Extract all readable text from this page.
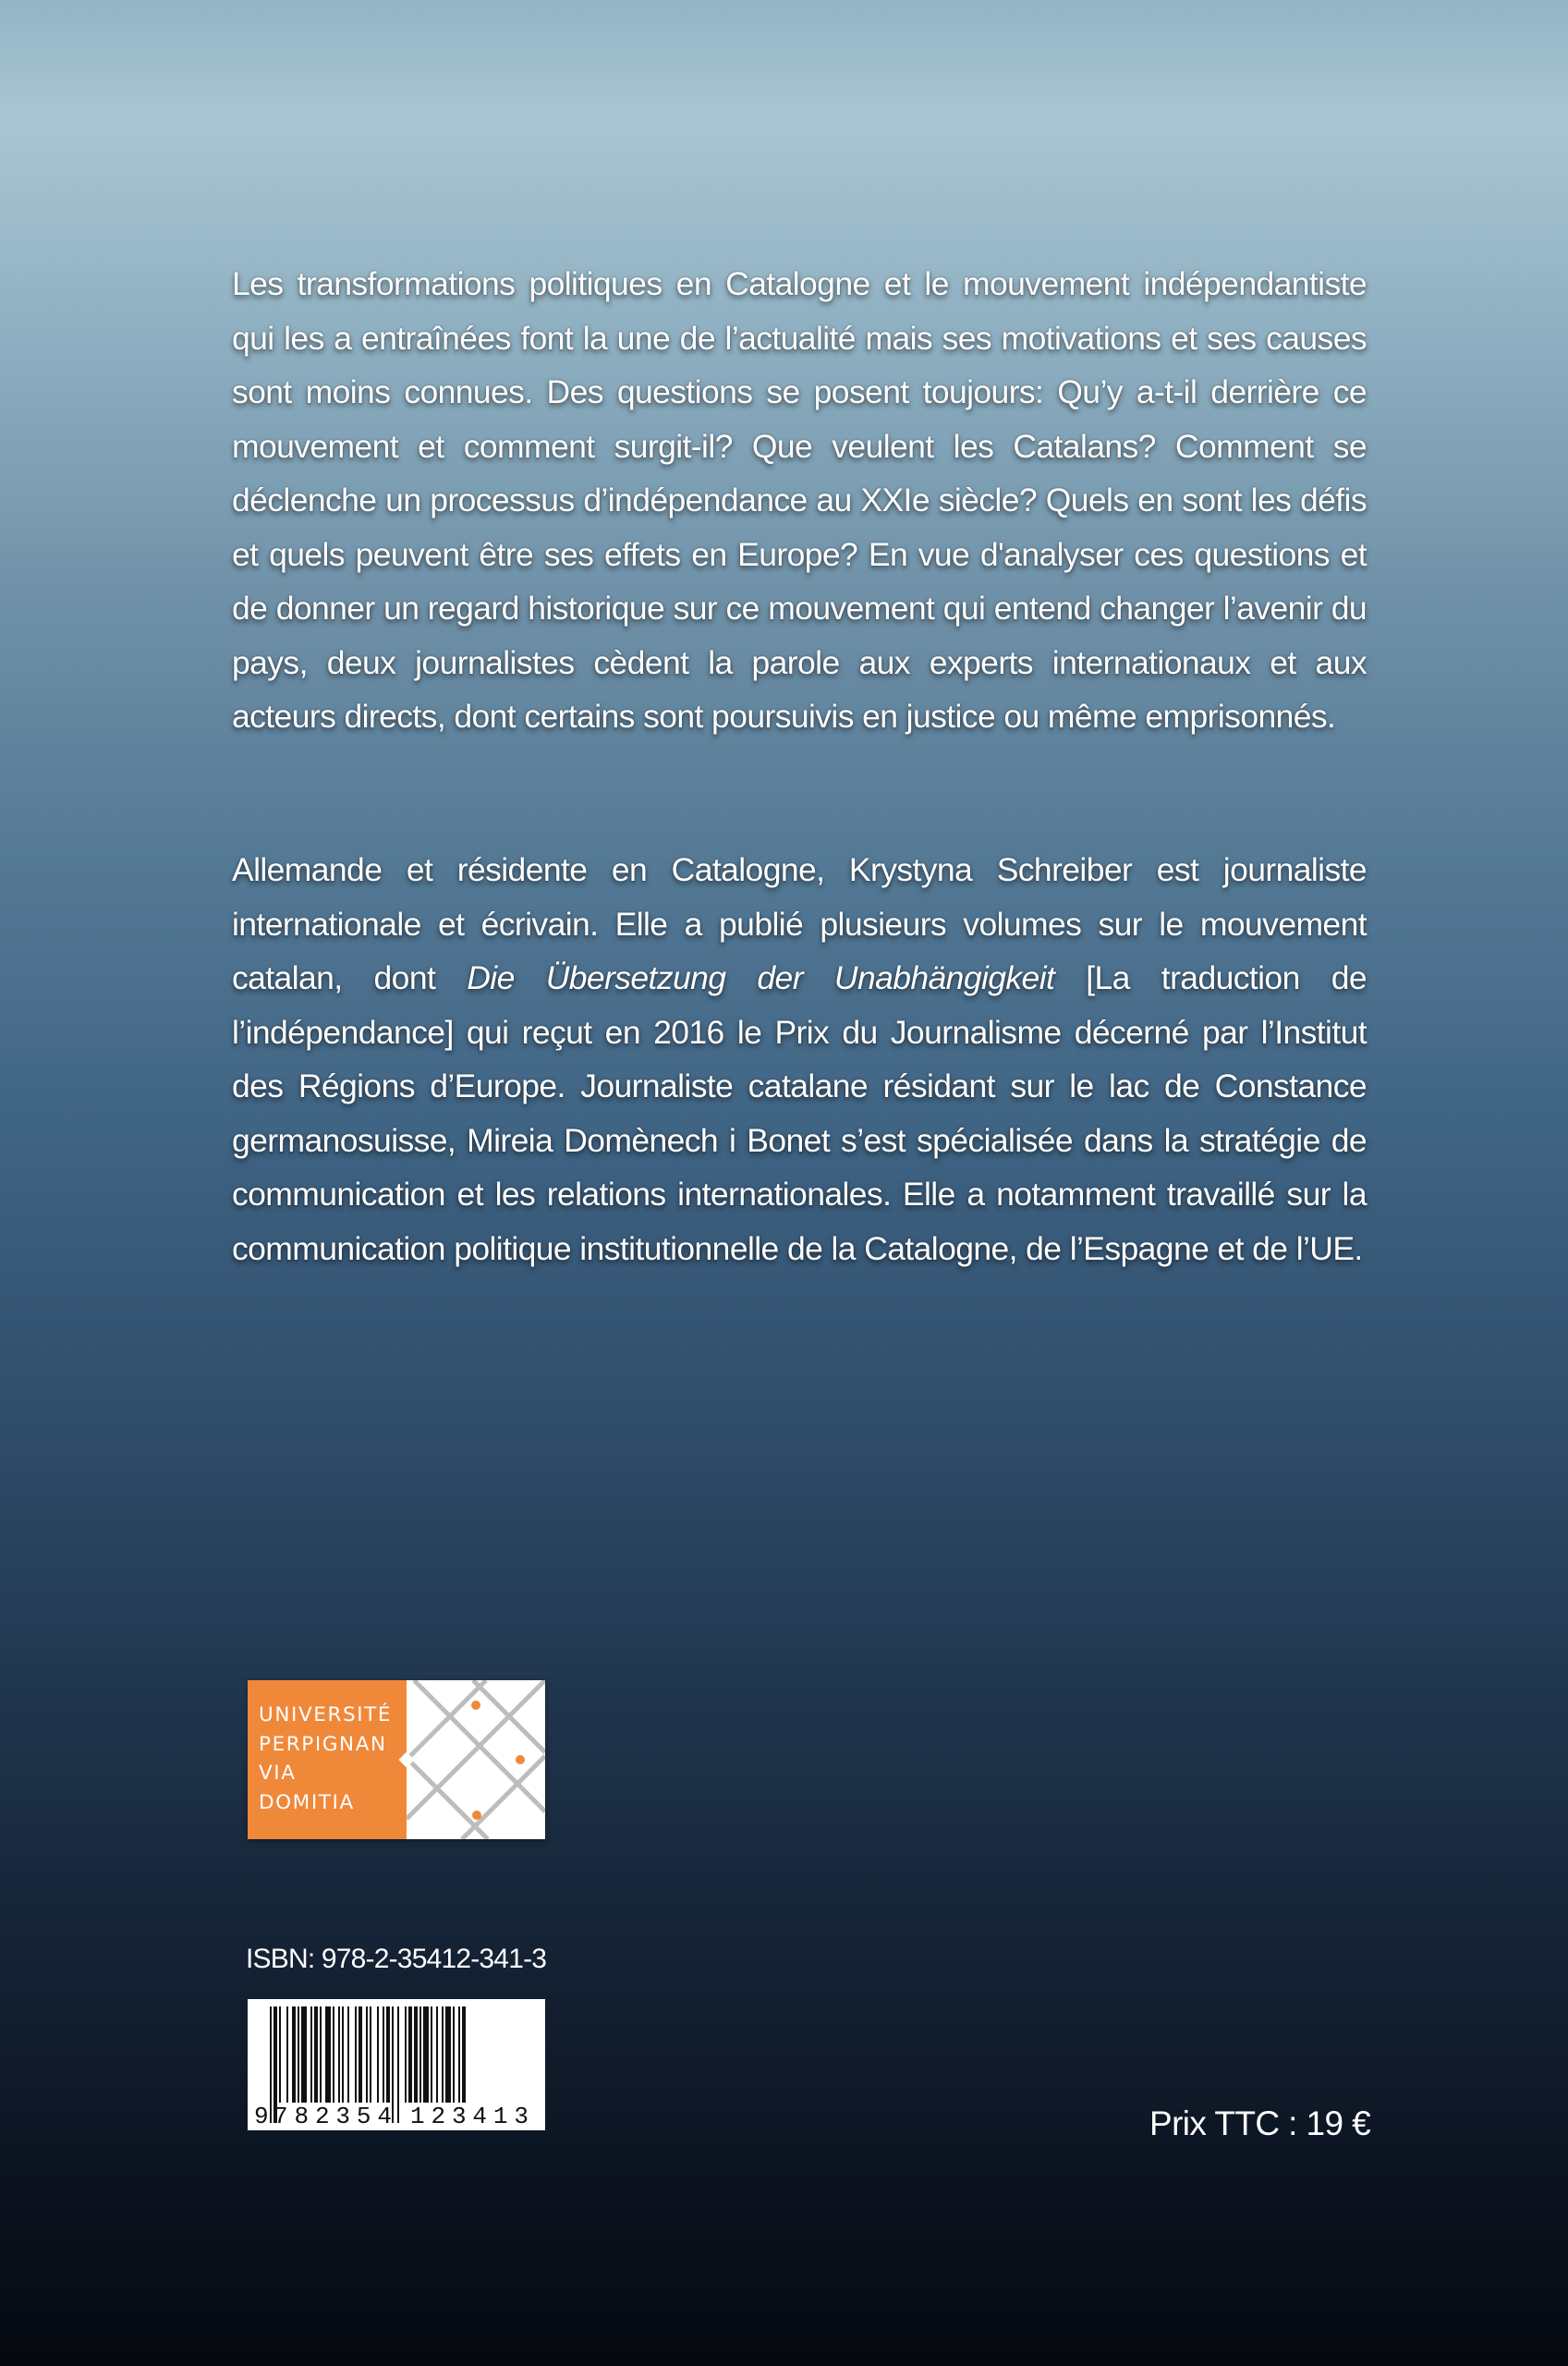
Les transformations politiques en Catalogne et le mouvement indépendantiste qui les a entraînées font la une de l’actualité mais ses motivations et ses causes sont moins connues. Des questions se posent toujours: Qu’y a-t-il derrière ce mouvement et comment surgit-il? Que veulent les Catalans? Comment se déclenche un processus d’indépendance au XXIe siècle? Quels en sont les défis et quels peuvent être ses effets en Europe? En vue d'analyser ces questions et de donner un regard historique sur ce mouvement qui entend changer l’avenir du pays, deux journalistes cèdent la parole aux experts internationaux et aux acteurs directs, dont certains sont poursuivis en justice ou même emprisonnés.

Allemande et résidente en Catalogne, Krystyna Schreiber est journaliste internationale et écrivain. Elle a publié plusieurs volumes sur le mouvement catalan, dont Die Übersetzung der Unabhängigkeit [La traduction de l’indépendance] qui reçut en 2016 le Prix du Journalisme décerné par l’Institut des Régions d’Europe. Journaliste catalane résidant sur le lac de Constance germanosuisse, Mireia Domènech i Bonet s’est spécialisée dans la stratégie de communication et les relations internationales. Elle a notamment travaillé sur la communication politique institutionnelle de la Catalogne, de l’Espagne et de l’UE.

UNIVERSITÉ
PERPIGNAN
VIA
DOMITIA
ISBN: 978-2-35412-341-3
9 782354 123413	Prix TTC : 19 €
